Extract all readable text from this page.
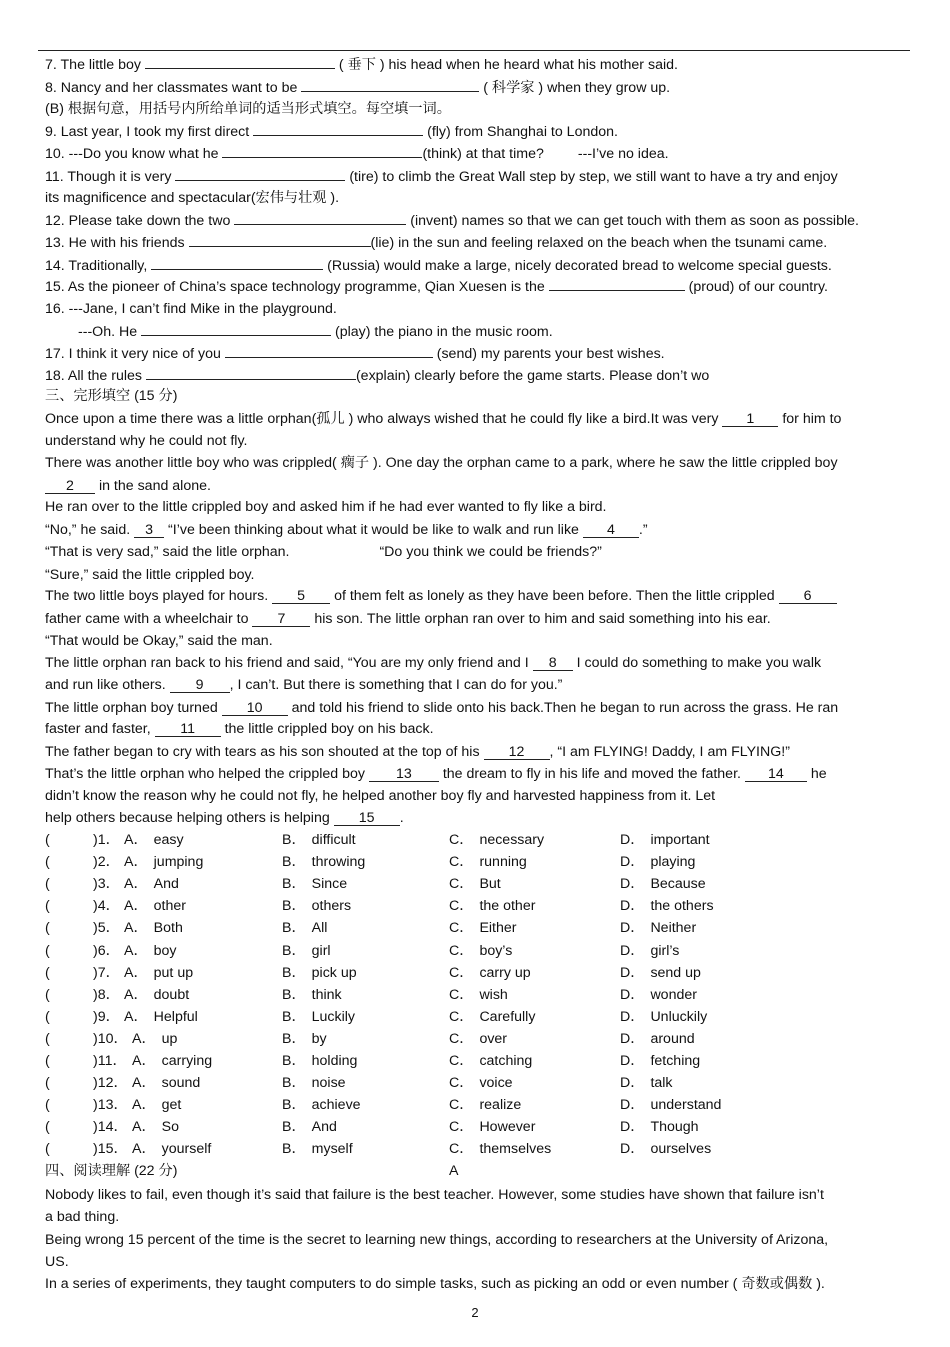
7. The little boy	( 垂下 ) his head when he heard what his mother said.
8. Nancy and her classmates want to be	( 科学家 ) when they grow up.
(B) 根据句意，用括号内所给单词的适当形式填空。每空填一词。
9. Last year, I took my first direct	(fly) from Shanghai to London.
10. ---Do you know what he	(think) at that time? ---I’ve no idea.
11. Though it is very	(tire) to climb the Great Wall step by step, we still want to have a try and enjoy
its magnificence and spectacular(宏伟与壮观 ).
12. Please take down the two	(invent) names so that we can get touch with them as soon as possible.
13. He with his friends	(lie) in the sun and feeling relaxed on the beach when the tsunami came.
14. Traditionally,	(Russia) would make a large, nicely decorated bread to welcome special guests.
15. As the pioneer of China’s space technology programme, Qian Xuesen is the	(proud) of our country.
16. ---Jane, I can’t find Mike in the playground.
---Oh. He	(play) the piano in the music room.
17. I think it very nice of you	(send) my parents your best wishes.
18. All the rules	(explain) clearly before the game starts. Please don’t wo
三、完形填空 (15 分)
Once upon a time there was a little orphan(孤儿 ) who always wished that he could fly like a bird.It was very 1 for him to
understand why he could not fly.
There was another little boy who was crippled( 瘸子 ). One day the orphan came to a park, where he saw the little crippled boy
2 in the sand alone.
He ran over to the little crippled boy and asked him if he had ever wanted to fly like a bird.
“No,” he said. 3 “I’ve been thinking about what it would be like to walk and run like 4 .”
“That is very sad,” said the litle orphan.	“Do you think we could be friends?”
“Sure,” said the little crippled boy.
The two little boys played for hours. 5 of them felt as lonely as they have been before. Then the little crippled 6
father came with a wheelchair to 7 his son. The little orphan ran over to him and said something into his ear.
“That would be Okay,” said the man.
The little orphan ran back to his friend and said, “You are my only friend and I 8 I could do something to make you walk
and run like others. 9 , I can’t. But there is something that I can do for you.”
The little orphan boy turned 10 and told his friend to slide onto his back.Then he began to run across the grass. He ran
faster and faster, 11 the little crippled boy on his back.
The father began to cry with tears as his son shouted at the top of his 12 , “I am FLYING! Daddy, I am FLYING!”
That’s the little orphan who helped the crippled boy 13 the dream to fly in his life and moved the father. 14 he
didn’t know the reason why he could not fly, he helped another boy fly and harvested happiness from it. Let
help others because helping others is helping 15 .
(	)1． A． easy	B． difficult	C． necessary	D． important
(	)2． A． jumping	B． throwing	C． running	D． playing
(	)3． A． And	B． Since	C． But	D． Because
(	)4． A． other	B． others	C． the other	D． the others
(	)5． A． Both	B． All	C． Either	D． Neither
(	)6． A． boy	B． girl	C． boy’s	D． girl’s
(	)7． A． put up	B． pick up	C． carry up	D． send up
(	)8． A． doubt	B． think	C． wish	D． wonder
(	)9． A． Helpful	B． Luckily	C． Carefully	D． Unluckily
(	)10． A． up	B． by	C． over	D． around
(	)11． A． carrying	B． holding	C． catching	D． fetching
(	)12． A． sound	B． noise	C． voice	D． talk
(	)13． A． get	B． achieve	C． realize	D． understand
(	)14． A． So	B． And	C． However	D． Though
(	)15． A． yourself	B． myself	C． themselves	D． ourselves
四、阅读理解 (22 分)	A
Nobody likes to fail, even though it’s said that failure is the best teacher. However, some studies have shown that failure isn’t
a bad thing.
Being wrong 15 percent of the time is the secret to learning new things, according to researchers at the University of Arizona,
US.
In a series of experiments, they taught computers to do simple tasks, such as picking an odd or even number ( 奇数或偶数 ).
2
